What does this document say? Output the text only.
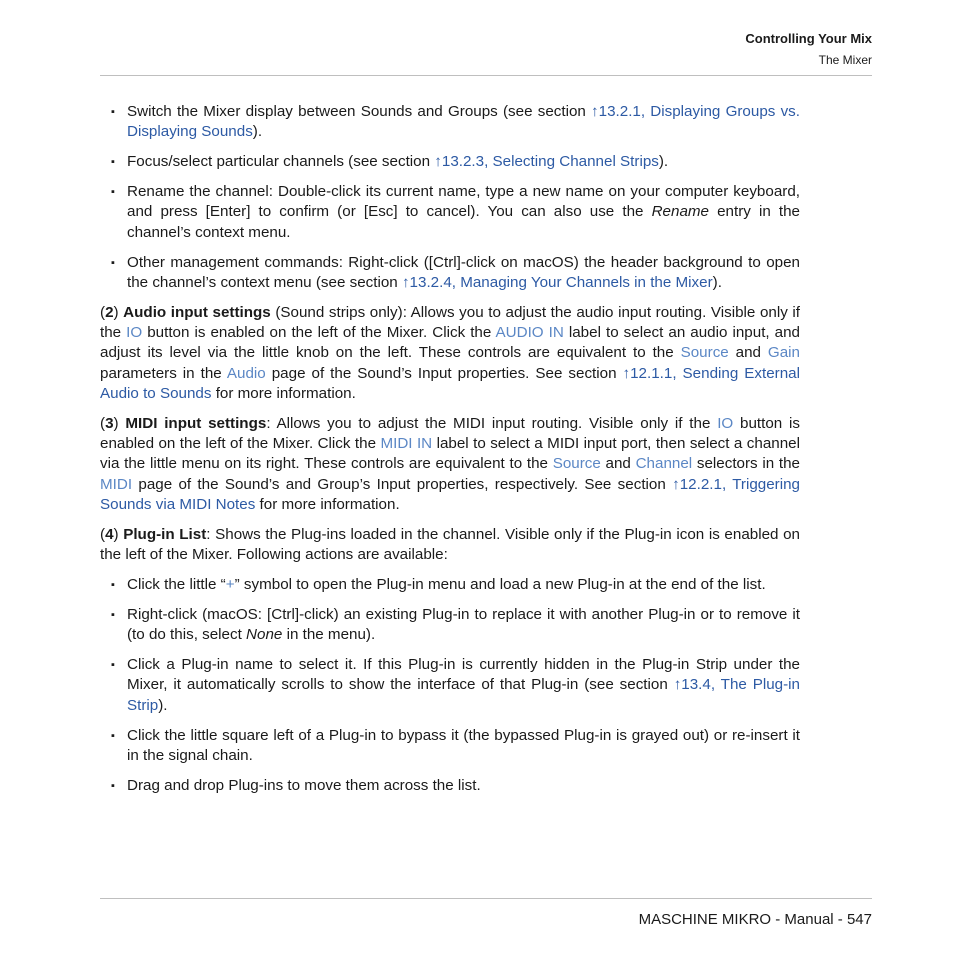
Controlling Your Mix
The Mixer
▪ Switch the Mixer display between Sounds and Groups (see section ↑13.2.1, Displaying Groups vs. Displaying Sounds).
▪ Focus/select particular channels (see section ↑13.2.3, Selecting Channel Strips).
▪ Rename the channel: Double-click its current name, type a new name on your computer keyboard, and press [Enter] to confirm (or [Esc] to cancel). You can also use the Rename entry in the channel’s context menu.
▪ Other management commands: Right-click ([Ctrl]-click on macOS) the header background to open the channel’s context menu (see section ↑13.2.4, Managing Your Channels in the Mixer).

(2) Audio input settings (Sound strips only): Allows you to adjust the audio input routing. Visible only if the IO button is enabled on the left of the Mixer. Click the AUDIO IN label to select an audio input, and adjust its level via the little knob on the left. These controls are equivalent to the Source and Gain parameters in the Audio page of the Sound’s Input properties. See section ↑12.1.1, Sending External Audio to Sounds for more information.

(3) MIDI input settings: Allows you to adjust the MIDI input routing. Visible only if the IO button is enabled on the left of the Mixer. Click the MIDI IN label to select a MIDI input port, then select a channel via the little menu on its right. These controls are equivalent to the Source and Channel selectors in the MIDI page of the Sound’s and Group’s Input properties, respectively. See section ↑12.2.1, Triggering Sounds via MIDI Notes for more information.

(4) Plug-in List: Shows the Plug-ins loaded in the channel. Visible only if the Plug-in icon is enabled on the left of the Mixer. Following actions are available:

▪ Click the little “+” symbol to open the Plug-in menu and load a new Plug-in at the end of the list.
▪ Right-click (macOS: [Ctrl]-click) an existing Plug-in to replace it with another Plug-in or to remove it (to do this, select None in the menu).
▪ Click a Plug-in name to select it. If this Plug-in is currently hidden in the Plug-in Strip under the Mixer, it automatically scrolls to show the interface of that Plug-in (see section ↑13.4, The Plug-in Strip).
▪ Click the little square left of a Plug-in to bypass it (the bypassed Plug-in is grayed out) or re-insert it in the signal chain.
▪ Drag and drop Plug-ins to move them across the list.
MASCHINE MIKRO - Manual - 547
